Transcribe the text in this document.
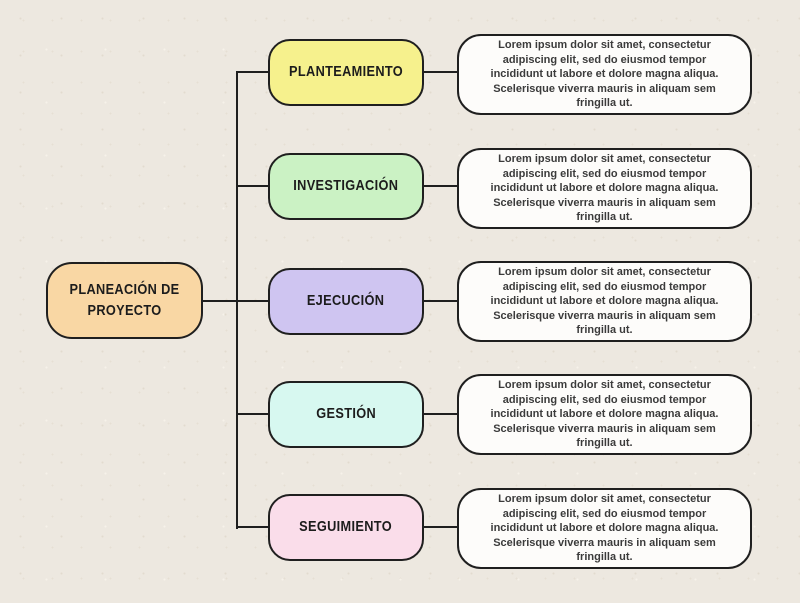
PLANEACIÓN DE PROYECTO
PLANTEAMIENTO
Lorem ipsum dolor sit amet, consectetur adipiscing elit, sed do eiusmod tempor incididunt ut labore et dolore magna aliqua. Scelerisque viverra mauris in aliquam sem fringilla ut.
INVESTIGACIÓN
Lorem ipsum dolor sit amet, consectetur adipiscing elit, sed do eiusmod tempor incididunt ut labore et dolore magna aliqua. Scelerisque viverra mauris in aliquam sem fringilla ut.
EJECUCIÓN
Lorem ipsum dolor sit amet, consectetur adipiscing elit, sed do eiusmod tempor incididunt ut labore et dolore magna aliqua. Scelerisque viverra mauris in aliquam sem fringilla ut.
GESTIÓN
Lorem ipsum dolor sit amet, consectetur adipiscing elit, sed do eiusmod tempor incididunt ut labore et dolore magna aliqua. Scelerisque viverra mauris in aliquam sem fringilla ut.
SEGUIMIENTO
Lorem ipsum dolor sit amet, consectetur adipiscing elit, sed do eiusmod tempor incididunt ut labore et dolore magna aliqua. Scelerisque viverra mauris in aliquam sem fringilla ut.
